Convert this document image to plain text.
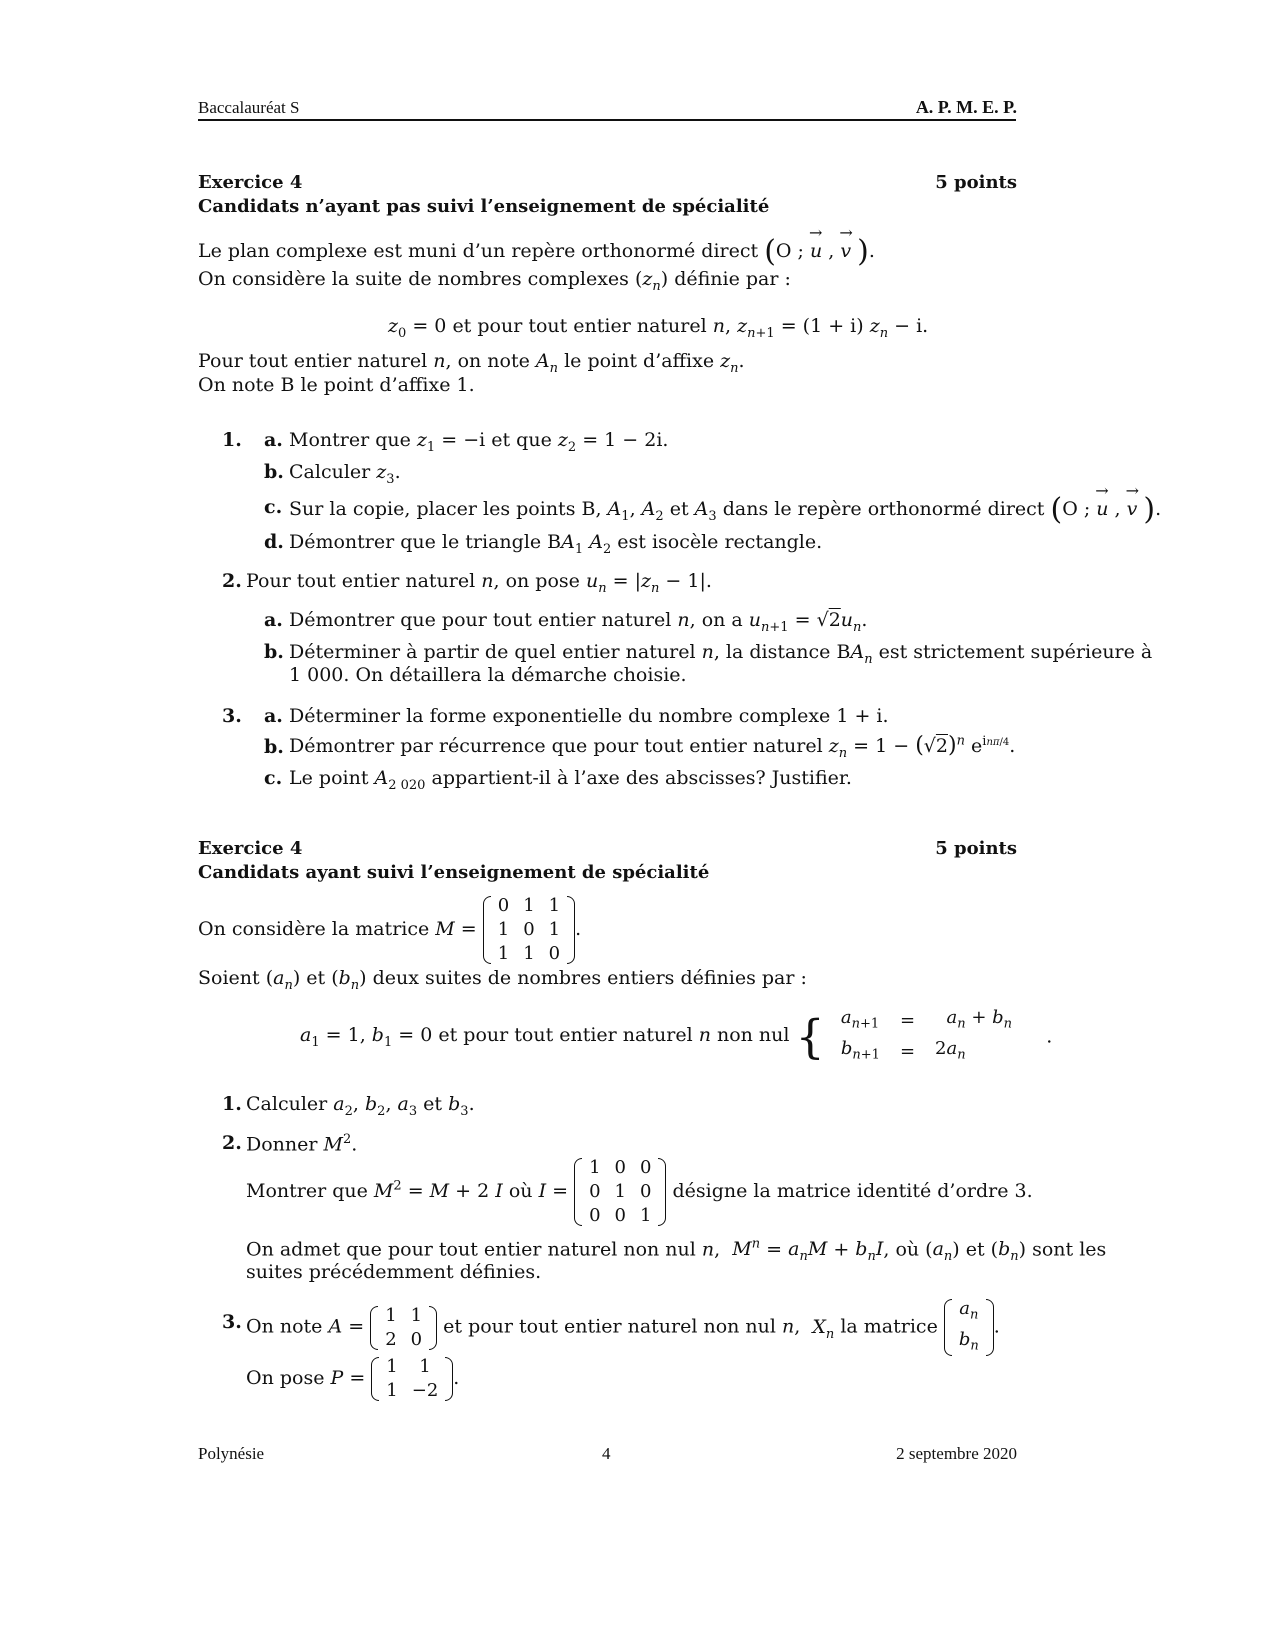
Baccalauréat S	A. P. M. E. P.
Exercice 4	5 points
Candidats n’ayant pas suivi l’enseignement de spécialité
Le plan complexe est muni d’un repère orthonormé direct (O ; → u , → v ).
On considère la suite de nombres complexes $(z_n)$ définie par :
$z_0 = 0$ et pour tout entier naturel n, $z_{n+1} = (1 + i) z_n - i$.
Pour tout entier naturel n, on note $A_n$ le point d’affixe $z_n$.
On note B le point d’affixe 1.
1. a. Montrer que $z_1 = -i$ et que $z_2 = 1 - 2i$.
b. Calculer $z_3$.
c. Sur la copie, placer les points B, $A_1$, $A_2$ et $A_3$ dans le repère orthonormé direct (O ; → u , → v ).
d. Démontrer que le triangle $BA_1$ $A_2$ est isocèle rectangle.
2. Pour tout entier naturel n, on pose $u_n = |z_n - 1|$.
a. Démontrer que pour tout entier naturel n, on a $u_{n+1} = √2u_n$.
b. Déterminer à partir de quel entier naturel n, la distance $BA_n$ est strictement supérieure à
1 000. On détaillera la démarche choisie.
3. a. Déterminer la forme exponentielle du nombre complexe 1 + i.
b. Démontrer par récurrence que pour tout entier naturel $z_n = 1 - (√2)^n$ $e^{in\pi/4}$.
c. Le point $A_{2 020}$ appartient-il à l’axe des abscisses? Justifier.
Exercice 4	5 points
Candidats ayant suivi l’enseignement de spécialité
On considère la matrice M =
0	1	1
1	0	1
1	1	0
.
Soient $(a_n)$ et $(b_n)$ deux suites de nombres entiers définies par :
$a_1 = 1$, $b_1 = 0$ et pour tout entier naturel n non nul { $a_{n+1}$	=	$a_n + b_n$
$b_{n+1}$	=	$2a_n$    .
1. Calculer $a_2$, $b_2$, $a_3$ et $b_3$.
2. Donner $M^2$.
Montrer que $M^2 = M + 2$ I où I =
1	0	0
0	1	0
0	0	1
désigne la matrice identité d’ordre 3.
On admet que pour tout entier naturel non nul n,  $M^n = a_nM + b_nI$, où $(a_n)$ et $(b_n)$ sont les
suites précédemment définies.
3. On note A =
1	1
2	0
et pour tout entier naturel non nul n,  $X_n$ la matrice
$a_n$
$b_n$
.
On pose P =
1	1
1	−2
.
Polynésie	4	2 septembre 2020
